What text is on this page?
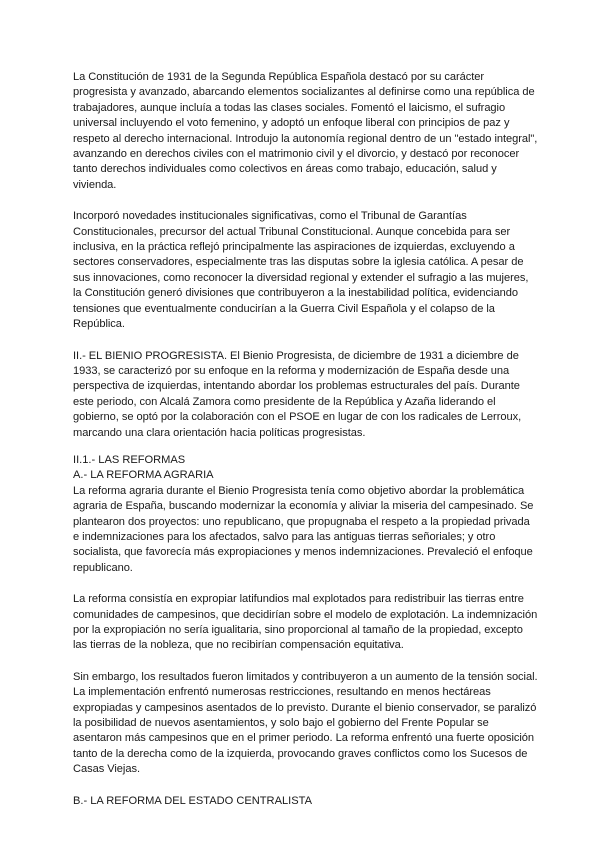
La Constitución de 1931 de la Segunda República Española destacó por su carácter progresista y avanzado, abarcando elementos socializantes al definirse como una república de trabajadores, aunque incluía a todas las clases sociales. Fomentó el laicismo, el sufragio universal incluyendo el voto femenino, y adoptó un enfoque liberal con principios de paz y respeto al derecho internacional. Introdujo la autonomía regional dentro de un "estado integral", avanzando en derechos civiles con el matrimonio civil y el divorcio, y destacó por reconocer tanto derechos individuales como colectivos en áreas como trabajo, educación, salud y vivienda.

Incorporó novedades institucionales significativas, como el Tribunal de Garantías Constitucionales, precursor del actual Tribunal Constitucional. Aunque concebida para ser inclusiva, en la práctica reflejó principalmente las aspiraciones de izquierdas, excluyendo a sectores conservadores, especialmente tras las disputas sobre la iglesia católica. A pesar de sus innovaciones, como reconocer la diversidad regional y extender el sufragio a las mujeres, la Constitución generó divisiones que contribuyeron a la inestabilidad política, evidenciando tensiones que eventualmente conducirían a la Guerra Civil Española y el colapso de la República.

II.- EL BIENIO PROGRESISTA. El Bienio Progresista, de diciembre de 1931 a diciembre de 1933, se caracterizó por su enfoque en la reforma y modernización de España desde una perspectiva de izquierdas, intentando abordar los problemas estructurales del país. Durante este periodo, con Alcalá Zamora como presidente de la República y Azaña liderando el gobierno, se optó por la colaboración con el PSOE en lugar de con los radicales de Lerroux, marcando una clara orientación hacia políticas progresistas.

II.1.- LAS REFORMAS

A.- LA REFORMA AGRARIA

La reforma agraria durante el Bienio Progresista tenía como objetivo abordar la problemática agraria de España, buscando modernizar la economía y aliviar la miseria del campesinado. Se plantearon dos proyectos: uno republicano, que propugnaba el respeto a la propiedad privada e indemnizaciones para los afectados, salvo para las antiguas tierras señoriales; y otro socialista, que favorecía más expropiaciones y menos indemnizaciones. Prevaleció el enfoque republicano.

La reforma consistía en expropiar latifundios mal explotados para redistribuir las tierras entre comunidades de campesinos, que decidirían sobre el modelo de explotación. La indemnización por la expropiación no sería igualitaria, sino proporcional al tamaño de la propiedad, excepto las tierras de la nobleza, que no recibirían compensación equitativa.

Sin embargo, los resultados fueron limitados y contribuyeron a un aumento de la tensión social. La implementación enfrentó numerosas restricciones, resultando en menos hectáreas expropiadas y campesinos asentados de lo previsto. Durante el bienio conservador, se paralizó la posibilidad de nuevos asentamientos, y solo bajo el gobierno del Frente Popular se asentaron más campesinos que en el primer periodo. La reforma enfrentó una fuerte oposición tanto de la derecha como de la izquierda, provocando graves conflictos como los Sucesos de Casas Viejas.

B.- LA REFORMA DEL ESTADO CENTRALISTA
